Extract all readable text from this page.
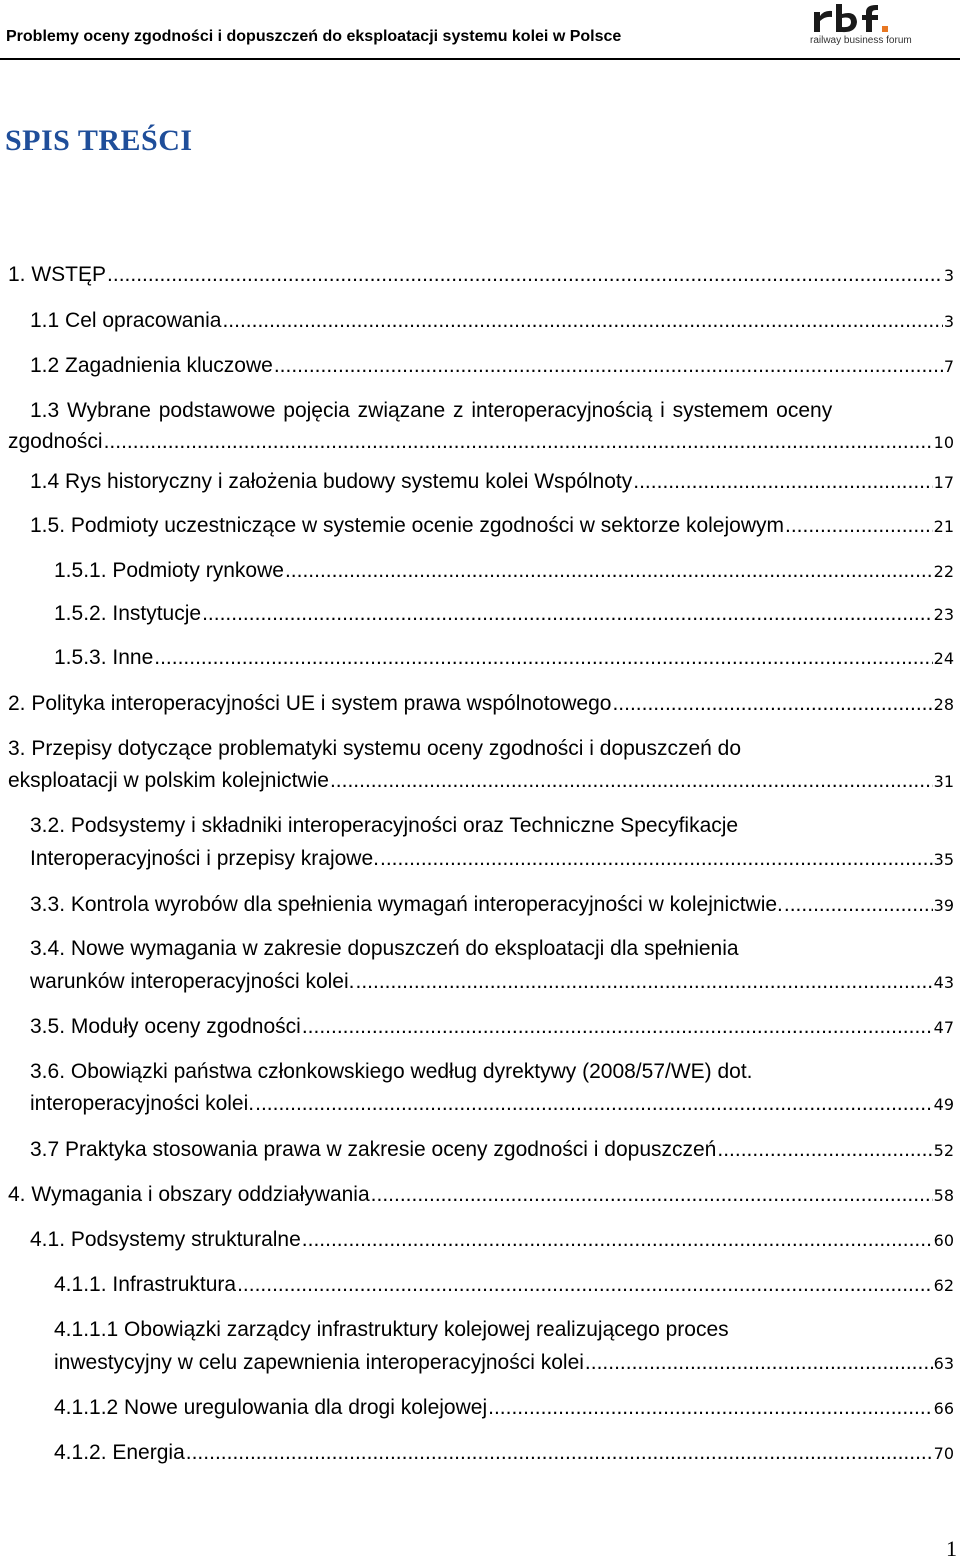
Problemy oceny zgodności i dopuszczeń do eksploatacji systemu kolei w Polsce	railway business forum
SPIS TREŚCI
1. WSTĘP .....	3
1.1 Cel opracowania .....	3
1.2 Zagadnienia kluczowe .....	7
1.3 Wybrane podstawowe pojęcia związane z interoperacyjnością i systemem oceny
zgodności .....	10
1.4 Rys historyczny i założenia budowy systemu kolei Wspólnoty .....	17
1.5. Podmioty uczestniczące w systemie ocenie zgodności w sektorze kolejowym .....	21
1.5.1. Podmioty rynkowe .....	22
1.5.2. Instytucje .....	23
1.5.3. Inne .....	24
2. Polityka interoperacyjności UE i system prawa wspólnotowego .....	28
3. Przepisy dotyczące problematyki systemu oceny zgodności i dopuszczeń do
eksploatacji w polskim kolejnictwie .....	31
3.2. Podsystemy i składniki interoperacyjności oraz Techniczne Specyfikacje
Interoperacyjności i przepisy krajowe. .....	35
3.3. Kontrola wyrobów dla spełnienia wymagań interoperacyjności w kolejnictwie. .....	39
3.4. Nowe wymagania w zakresie dopuszczeń do eksploatacji dla spełnienia
warunków interoperacyjności kolei. .....	43
3.5. Moduły oceny zgodności .....	47
3.6. Obowiązki państwa członkowskiego według dyrektywy (2008/57/WE) dot.
interoperacyjności kolei. .....	49
3.7 Praktyka stosowania prawa w zakresie oceny zgodności i dopuszczeń .....	52
4. Wymagania i obszary oddziaływania .....	58
4.1. Podsystemy strukturalne .....	60
4.1.1. Infrastruktura .....	62
4.1.1.1 Obowiązki zarządcy infrastruktury kolejowej realizującego proces
inwestycyjny w celu zapewnienia interoperacyjności kolei .....	63
4.1.1.2 Nowe uregulowania dla drogi kolejowej .....	66
4.1.2. Energia .....	70
1
